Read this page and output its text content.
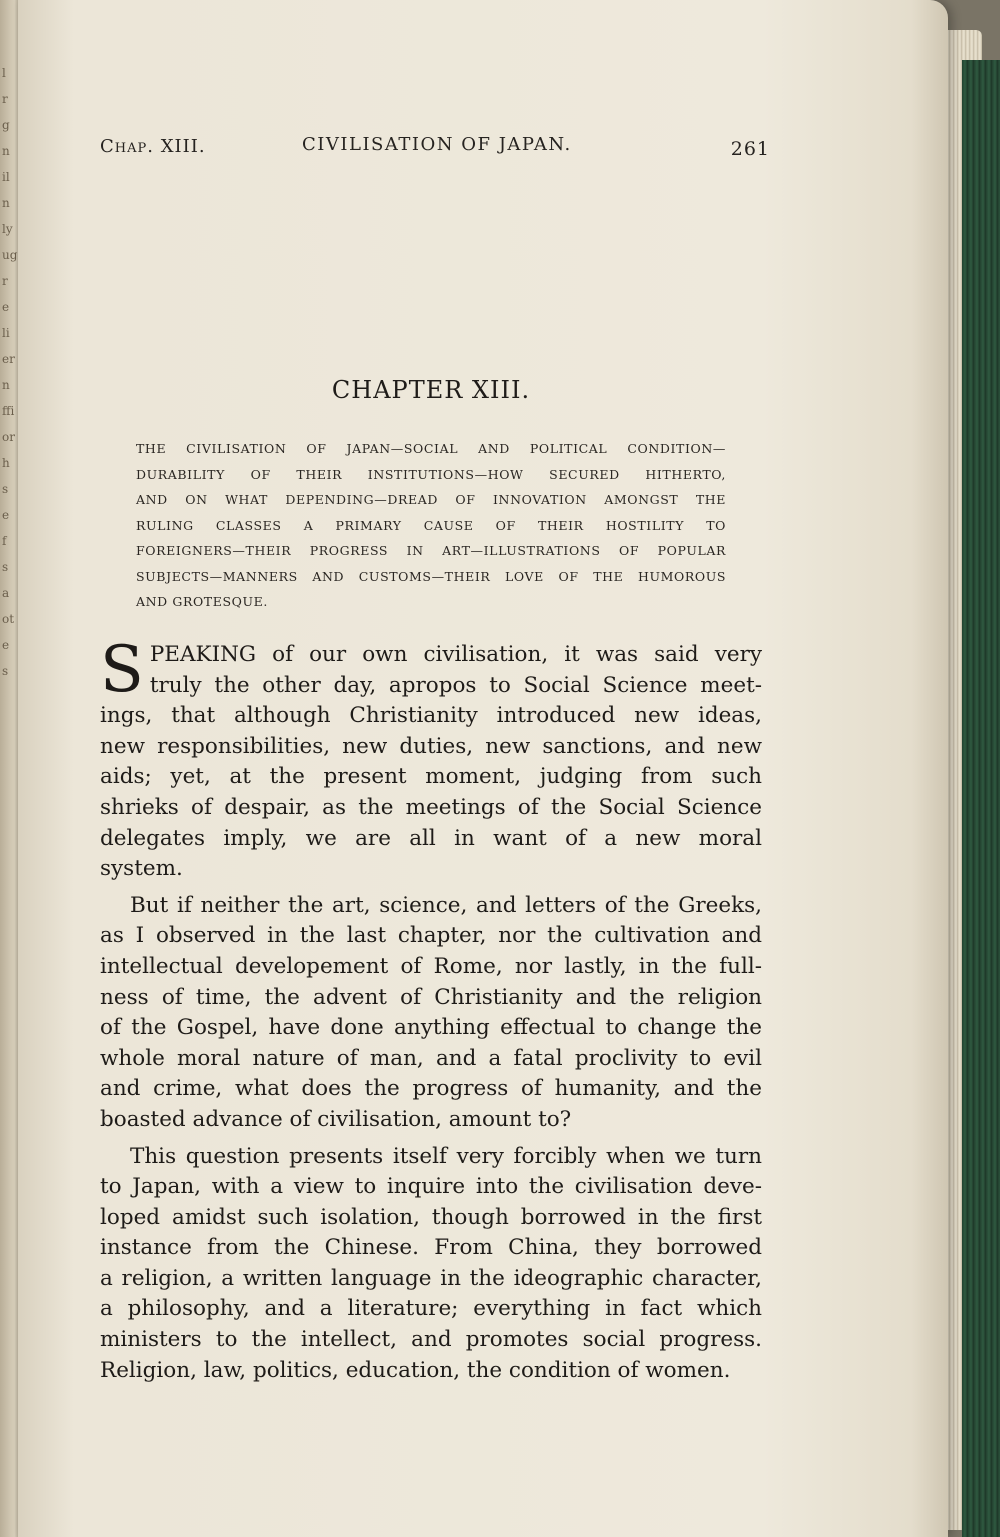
l
r
g
n
il
n
ly
ug
r
e
li
er
n
ffi
or
h
s
e
f
s
a
ot
e
s
Chap. XIII.	CIVILISATION OF JAPAN.	261
CHAPTER XIII.
THE CIVILISATION OF JAPAN—SOCIAL AND POLITICAL CONDITION—
DURABILITY OF THEIR INSTITUTIONS—HOW SECURED HITHERTO,
AND ON WHAT DEPENDING—DREAD OF INNOVATION AMONGST THE
RULING CLASSES A PRIMARY CAUSE OF THEIR HOSTILITY TO
FOREIGNERS—THEIR PROGRESS IN ART—ILLUSTRATIONS OF POPULAR
SUBJECTS—MANNERS AND CUSTOMS—THEIR LOVE OF THE HUMOROUS
AND GROTESQUE.
S PEAKING of our own civilisation, it was said very
truly the other day, apropos to Social Science meet-
ings, that although Christianity introduced new ideas,
new responsibilities, new duties, new sanctions, and new
aids; yet, at the present moment, judging from such
shrieks of despair, as the meetings of the Social Science
delegates imply, we are all in want of a new moral
system.
But if neither the art, science, and letters of the Greeks,
as I observed in the last chapter, nor the cultivation and
intellectual developement of Rome, nor lastly, in the full-
ness of time, the advent of Christianity and the religion
of the Gospel, have done anything effectual to change the
whole moral nature of man, and a fatal proclivity to evil
and crime, what does the progress of humanity, and the
boasted advance of civilisation, amount to?
This question presents itself very forcibly when we turn
to Japan, with a view to inquire into the civilisation deve-
loped amidst such isolation, though borrowed in the first
instance from the Chinese. From China, they borrowed
a religion, a written language in the ideographic character,
a philosophy, and a literature; everything in fact which
ministers to the intellect, and promotes social progress.
Religion, law, politics, education, the condition of women.
